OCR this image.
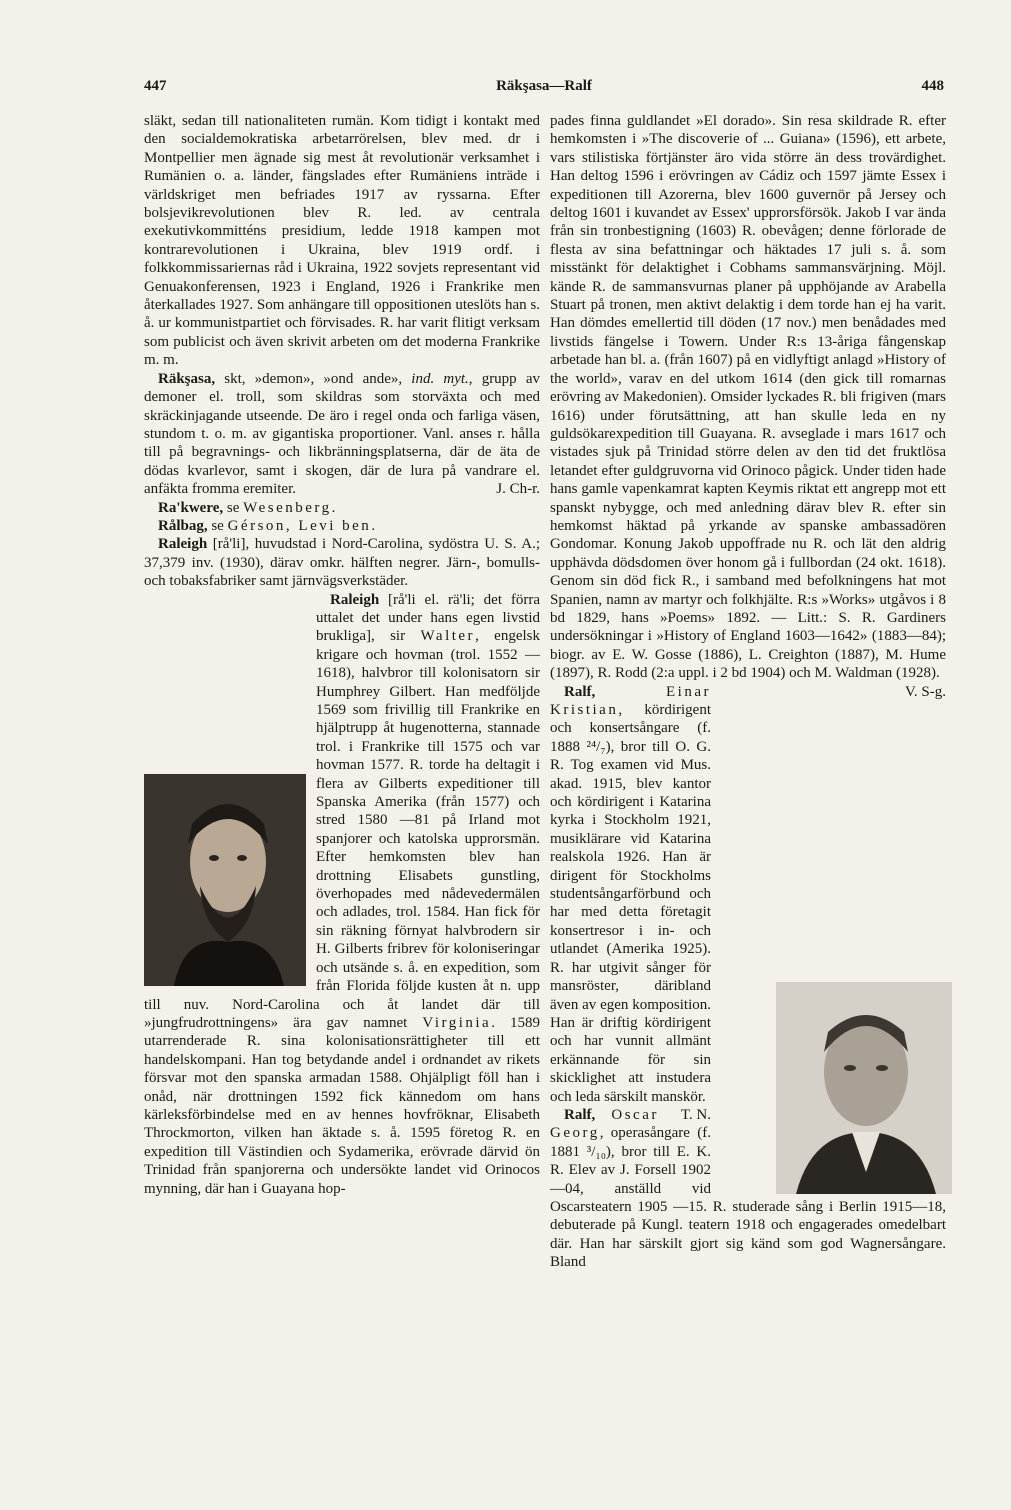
447	Räkşasa—Ralf	448

släkt, sedan till nationaliteten rumän. Kom tidigt i kontakt med den socialdemokratiska arbetarrörelsen, blev med. dr i Montpellier men ägnade sig mest åt revolutionär verksamhet i Rumänien o. a. länder, fängslades efter Rumäniens inträde i världskriget men befriades 1917 av ryssarna. Efter bolsjevikrevolutionen blev R. led. av centrala exekutivkommitténs presidium, ledde 1918 kampen mot kontrarevolutionen i Ukraina, blev 1919 ordf. i folkkommissariernas råd i Ukraina, 1922 sovjets representant vid Genuakonferensen, 1923 i England, 1926 i Frankrike men återkallades 1927. Som anhängare till oppositionen uteslöts han s. å. ur kommunistpartiet och förvisades. R. har varit flitigt verksam som publicist och även skrivit arbeten om det moderna Frankrike m. m.

Räkşasa, skt, »demon», »ond ande», ind. myt., grupp av demoner el. troll, som skildras som storväxta och med skräckinjagande utseende. De äro i regel onda och farliga väsen, stundom t. o. m. av gigantiska proportioner. Vanl. anses r. hålla till på begravnings- och likbränningsplatserna, där de äta de dödas kvarlevor, samt i skogen, där de lura på vandrare el. anfäkta fromma eremiter.	J. Ch-r.

Ra'kwere, se Wesenberg.

Rålbag, se Gérson, Levi ben.

Raleigh [rå'li], huvudstad i Nord-Carolina, sydöstra U. S. A.; 37,379 inv. (1930), därav omkr. hälften negrer. Järn-, bomulls- och tobaksfabriker samt järnvägsverkstäder.

Raleigh [rå'li el. rä'li; det förra uttalet det under hans egen livstid brukliga], sir Walter, engelsk krigare och hovman (trol. 1552 —1618), halvbror till kolonisatorn sir Humphrey Gilbert. Han medföljde 1569 som frivillig till Frankrike en hjälptrupp åt hugenotterna, stannade trol. i Frankrike till 1575 och var hovman 1577. R. torde ha deltagit i flera av Gilberts expeditioner till Spanska Amerika (från 1577) och stred 1580 —81 på Irland mot spanjorer och katolska upprorsmän. Efter hemkomsten blev han drottning Elisabets gunstling, överhopades med nådevedermälen och adlades, trol. 1584. Han fick för sin räkning förnyat halvbrodern sir H. Gilberts fribrev för koloniseringar och utsände s. å. en expedition, som från Florida följde kusten åt n. upp till nuv. Nord-Carolina och åt landet där till »jungfrudrottningens» ära gav namnet Virginia. 1589 utarrenderade R. sina kolonisationsrättigheter till ett handelskompani. Han tog betydande andel i ordnandet av rikets försvar mot den spanska armadan 1588. Ohjälpligt föll han i onåd, när drottningen 1592 fick kännedom om hans kärleksförbindelse med en av hennes hovfröknar, Elisabeth Throckmorton, vilken han äktade s. å. 1595 företog R. en expedition till Västindien och Sydamerika, erövrade därvid ön Trinidad från spanjorerna och undersökte landet vid Orinocos mynning, där han i Guayana hop-

pades finna guldlandet »El dorado». Sin resa skildrade R. efter hemkomsten i »The discoverie of ... Guiana» (1596), ett arbete, vars stilistiska förtjänster äro vida större än dess trovärdighet. Han deltog 1596 i erövringen av Cádiz och 1597 jämte Essex i expeditionen till Azorerna, blev 1600 guvernör på Jersey och deltog 1601 i kuvandet av Essex' upprorsförsök. Jakob I var ända från sin tronbestigning (1603) R. obevågen; denne förlorade de flesta av sina befattningar och häktades 17 juli s. å. som misstänkt för delaktighet i Cobhams sammansvärjning. Möjl. kände R. de sammansvurnas planer på upphöjande av Arabella Stuart på tronen, men aktivt delaktig i dem torde han ej ha varit. Han dömdes emellertid till döden (17 nov.) men benådades med livstids fängelse i Towern. Under R:s 13-åriga fångenskap arbetade han bl. a. (från 1607) på en vidlyftigt anlagd »History of the world», varav en del utkom 1614 (den gick till romarnas erövring av Makedonien). Omsider lyckades R. bli frigiven (mars 1616) under förutsättning, att han skulle leda en ny guldsökarexpedition till Guayana. R. avseglade i mars 1617 och vistades sjuk på Trinidad större delen av den tid det fruktlösa letandet efter guldgruvorna vid Orinoco pågick. Under tiden hade hans gamle vapenkamrat kapten Keymis riktat ett angrepp mot ett spanskt nybygge, och med anledning därav blev R. efter sin hemkomst häktad på yrkande av spanske ambassadören Gondomar. Konung Jakob uppoffrade nu R. och lät den aldrig upphävda dödsdomen över honom gå i fullbordan (24 okt. 1618). Genom sin död fick R., i samband med befolkningens hat mot Spanien, namn av martyr och folkhjälte. R:s »Works» utgåvos i 8 bd 1829, hans »Poems» 1892. — Litt.: S. R. Gardiners undersökningar i »History of England 1603—1642» (1883—84); biogr. av E. W. Gosse (1886), L. Creighton (1887), M. Hume (1897), R. Rodd (2:a uppl. i 2 bd 1904) och M. Waldman (1928).
V. S-g.

Ralf, Einar Kristian, kördirigent och konsertsångare (f. 1888 ²⁴/₇), bror till O. G. R. Tog examen vid Mus. akad. 1915, blev kantor och kördirigent i Katarina kyrka i Stockholm 1921, musiklärare vid Katarina realskola 1926. Han är dirigent för Stockholms studentsångarförbund och har med detta företagit konsertresor i in- och utlandet (Amerika 1925). R. har utgivit sånger för mansröster, däribland även av egen komposition. Han är driftig kördirigent och har vunnit allmänt erkännande för sin skicklighet att instudera och leda särskilt manskör.
T. N.

Ralf, Oscar Georg, operasångare (f. 1881 ³/₁₀), bror till E. K. R. Elev av J. Forsell 1902—04, anställd vid Oscarsteatern 1905 —15. R. studerade sång i Berlin 1915—18, debuterade på Kungl. teatern 1918 och engagerades omedelbart där. Han har särskilt gjort sig känd som god Wagnersångare. Bland
